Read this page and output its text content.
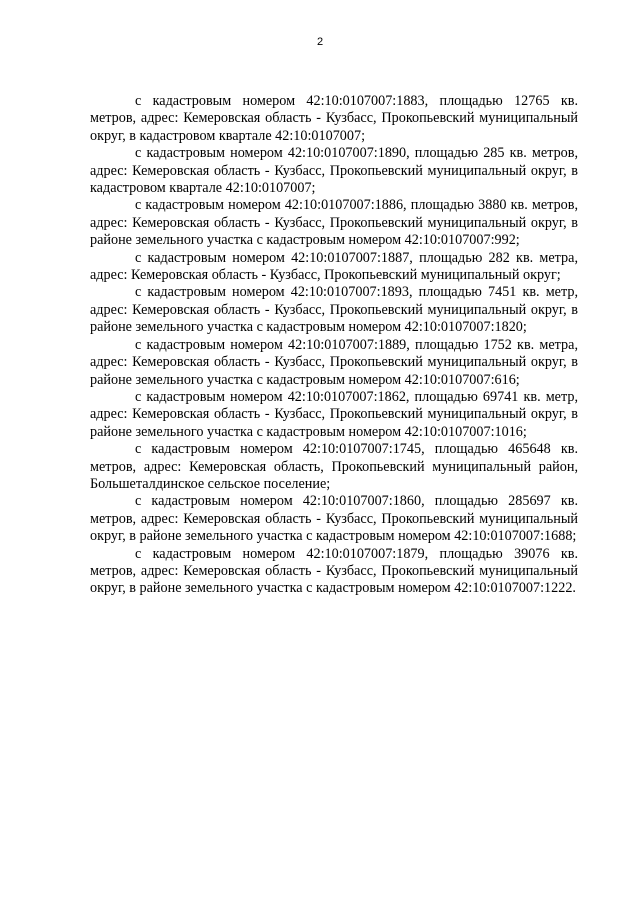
2

с кадастровым номером 42:10:0107007:1883, площадью 12765 кв. метров, адрес: Кемеровская область - Кузбасс, Прокопьевский муниципальный округ, в кадастровом квартале 42:10:0107007;

с кадастровым номером 42:10:0107007:1890, площадью 285 кв. метров, адрес: Кемеровская область - Кузбасс, Прокопьевский муниципальный округ, в кадастровом квартале 42:10:0107007;

с кадастровым номером 42:10:0107007:1886, площадью 3880 кв. метров, адрес: Кемеровская область - Кузбасс, Прокопьевский муниципальный округ, в районе земельного участка с кадастровым номером 42:10:0107007:992;

с кадастровым номером 42:10:0107007:1887, площадью 282 кв. метра, адрес: Кемеровская область - Кузбасс, Прокопьевский муниципальный округ;

с кадастровым номером 42:10:0107007:1893, площадью 7451 кв. метр, адрес: Кемеровская область - Кузбасс, Прокопьевский муниципальный округ, в районе земельного участка с кадастровым номером 42:10:0107007:1820;

с кадастровым номером 42:10:0107007:1889, площадью 1752 кв. метра, адрес: Кемеровская область - Кузбасс, Прокопьевский муниципальный округ, в районе земельного участка с кадастровым номером 42:10:0107007:616;

с кадастровым номером 42:10:0107007:1862, площадью 69741 кв. метр, адрес: Кемеровская область - Кузбасс, Прокопьевский муниципальный округ, в районе земельного участка с кадастровым номером 42:10:0107007:1016;

с кадастровым номером 42:10:0107007:1745, площадью 465648 кв. метров, адрес: Кемеровская область, Прокопьевский муниципальный район, Большеталдинское сельское поселение;

с кадастровым номером 42:10:0107007:1860, площадью 285697 кв. метров, адрес: Кемеровская область - Кузбасс, Прокопьевский муниципальный округ, в районе земельного участка с кадастровым номером 42:10:0107007:1688;

с кадастровым номером 42:10:0107007:1879, площадью 39076 кв. метров, адрес: Кемеровская область - Кузбасс, Прокопьевский муниципальный округ, в районе земельного участка с кадастровым номером 42:10:0107007:1222.
